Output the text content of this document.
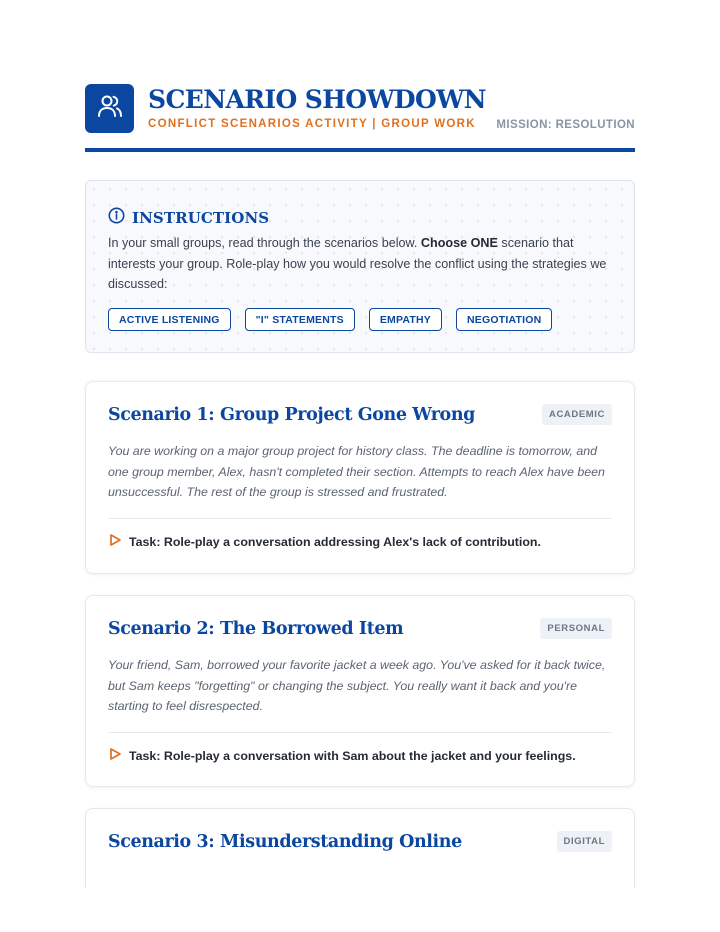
SCENARIO SHOWDOWN
CONFLICT SCENARIOS ACTIVITY | GROUP WORK MISSION: RESOLUTION
INSTRUCTIONS
In your small groups, read through the scenarios below. Choose ONE scenario that interests your group. Role-play how you would resolve the conflict using the strategies we discussed:
ACTIVE LISTENING	"I" STATEMENTS	EMPATHY	NEGOTIATION
Scenario 1: Group Project Gone Wrong	ACADEMIC
You are working on a major group project for history class. The deadline is tomorrow, and one group member, Alex, hasn't completed their section. Attempts to reach Alex have been unsuccessful. The rest of the group is stressed and frustrated.
Task: Role-play a conversation addressing Alex's lack of contribution.
Scenario 2: The Borrowed Item	PERSONAL
Your friend, Sam, borrowed your favorite jacket a week ago. You've asked for it back twice, but Sam keeps "forgetting" or changing the subject. You really want it back and you're starting to feel disrespected.
Task: Role-play a conversation with Sam about the jacket and your feelings.
Scenario 3: Misunderstanding Online	DIGITAL
